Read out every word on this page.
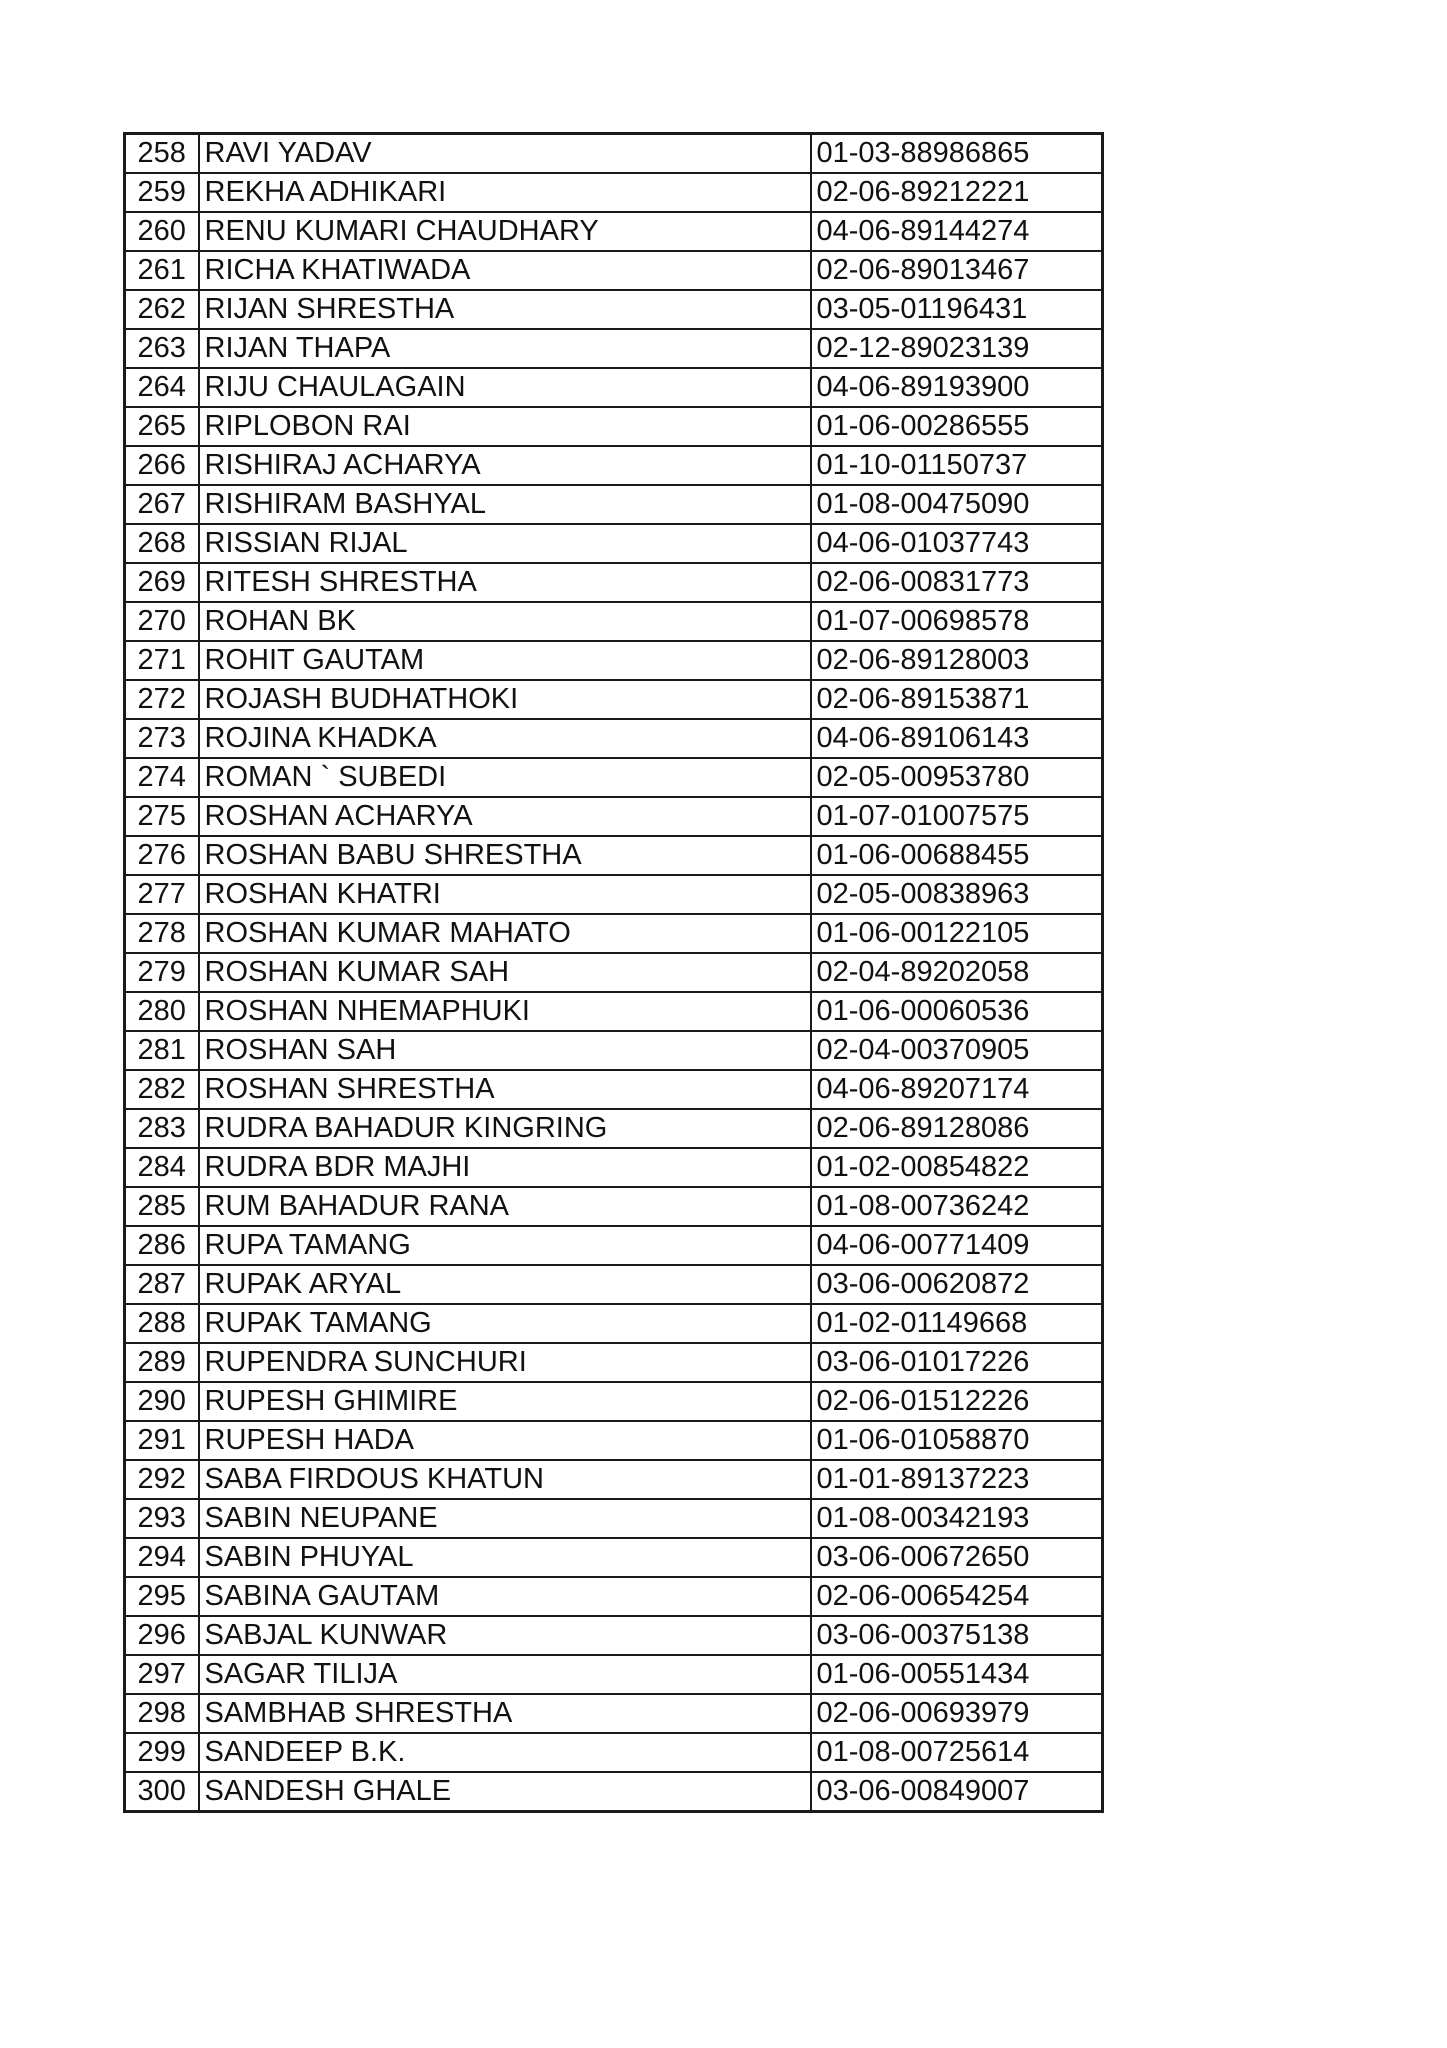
258	RAVI YADAV	01-03-88986865
259	REKHA ADHIKARI	02-06-89212221
260	RENU KUMARI CHAUDHARY	04-06-89144274
261	RICHA KHATIWADA	02-06-89013467
262	RIJAN SHRESTHA	03-05-01196431
263	RIJAN THAPA	02-12-89023139
264	RIJU CHAULAGAIN	04-06-89193900
265	RIPLOBON RAI	01-06-00286555
266	RISHIRAJ ACHARYA	01-10-01150737
267	RISHIRAM BASHYAL	01-08-00475090
268	RISSIAN RIJAL	04-06-01037743
269	RITESH SHRESTHA	02-06-00831773
270	ROHAN BK	01-07-00698578
271	ROHIT GAUTAM	02-06-89128003
272	ROJASH BUDHATHOKI	02-06-89153871
273	ROJINA KHADKA	04-06-89106143
274	ROMAN ` SUBEDI	02-05-00953780
275	ROSHAN ACHARYA	01-07-01007575
276	ROSHAN BABU SHRESTHA	01-06-00688455
277	ROSHAN KHATRI	02-05-00838963
278	ROSHAN KUMAR MAHATO	01-06-00122105
279	ROSHAN KUMAR SAH	02-04-89202058
280	ROSHAN NHEMAPHUKI	01-06-00060536
281	ROSHAN SAH	02-04-00370905
282	ROSHAN SHRESTHA	04-06-89207174
283	RUDRA BAHADUR KINGRING	02-06-89128086
284	RUDRA BDR MAJHI	01-02-00854822
285	RUM BAHADUR RANA	01-08-00736242
286	RUPA TAMANG	04-06-00771409
287	RUPAK ARYAL	03-06-00620872
288	RUPAK TAMANG	01-02-01149668
289	RUPENDRA SUNCHURI	03-06-01017226
290	RUPESH GHIMIRE	02-06-01512226
291	RUPESH HADA	01-06-01058870
292	SABA FIRDOUS KHATUN	01-01-89137223
293	SABIN NEUPANE	01-08-00342193
294	SABIN PHUYAL	03-06-00672650
295	SABINA GAUTAM	02-06-00654254
296	SABJAL KUNWAR	03-06-00375138
297	SAGAR TILIJA	01-06-00551434
298	SAMBHAB SHRESTHA	02-06-00693979
299	SANDEEP B.K.	01-08-00725614
300	SANDESH GHALE	03-06-00849007
